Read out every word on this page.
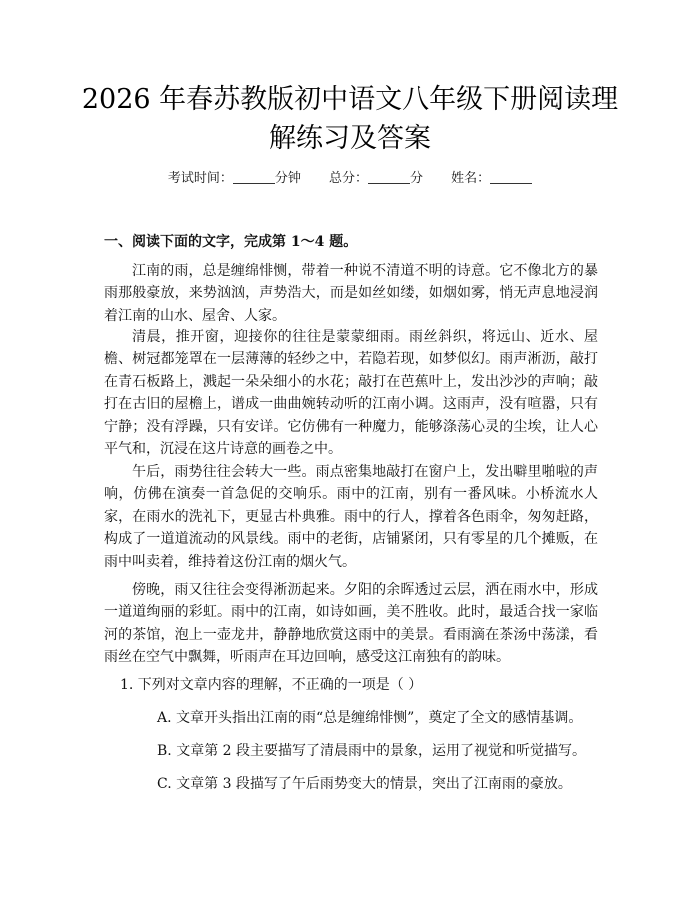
2026 年春苏教版初中语文八年级下册阅读理
解练习及答案
考试时间：	分钟 总分：	分 姓名：
一、阅读下面的文字，完成第 1～4 题。

江南的雨，总是缠绵悱恻，带着一种说不清道不明的诗意。它不像北方的暴雨那般豪放，来势汹汹，声势浩大，而是如丝如缕，如烟如雾，悄无声息地浸润着江南的山水、屋舍、人家。

清晨，推开窗，迎接你的往往是蒙蒙细雨。雨丝斜织，将远山、近水、屋檐、树冠都笼罩在一层薄薄的轻纱之中，若隐若现，如梦似幻。雨声淅沥，敲打在青石板路上，溅起一朵朵细小的水花；敲打在芭蕉叶上，发出沙沙的声响；敲打在古旧的屋檐上，谱成一曲曲婉转动听的江南小调。这雨声，没有喧嚣，只有宁静；没有浮躁，只有安详。它仿佛有一种魔力，能够涤荡心灵的尘埃，让人心平气和，沉浸在这片诗意的画卷之中。

午后，雨势往往会转大一些。雨点密集地敲打在窗户上，发出噼里啪啦的声响，仿佛在演奏一首急促的交响乐。雨中的江南，别有一番风味。小桥流水人家，在雨水的洗礼下，更显古朴典雅。雨中的行人，撑着各色雨伞，匆匆赶路，构成了一道道流动的风景线。雨中的老街，店铺紧闭，只有零星的几个摊贩，在雨中叫卖着，维持着这份江南的烟火气。

傍晚，雨又往往会变得淅沥起来。夕阳的余晖透过云层，洒在雨水中，形成一道道绚丽的彩虹。雨中的江南，如诗如画，美不胜收。此时，最适合找一家临河的茶馆，泡上一壶龙井，静静地欣赏这雨中的美景。看雨滴在茶汤中荡漾，看雨丝在空气中飘舞，听雨声在耳边回响，感受这江南独有的韵味。

1. 下列对文章内容的理解，不正确的一项是（ ）
A. 文章开头指出江南的雨“总是缠绵悱恻”，奠定了全文的感情基调。
B. 文章第 2 段主要描写了清晨雨中的景象，运用了视觉和听觉描写。
C. 文章第 3 段描写了午后雨势变大的情景，突出了江南雨的豪放。
